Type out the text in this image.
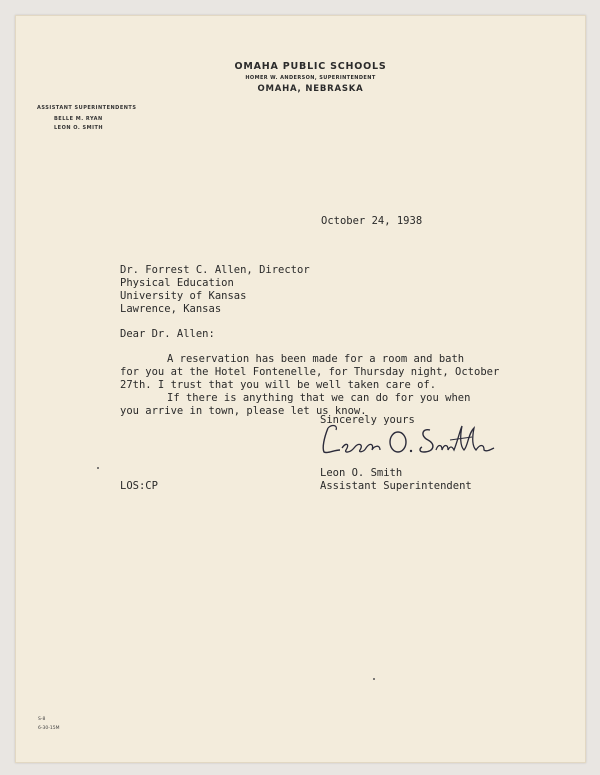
OMAHA PUBLIC SCHOOLS
HOMER W. ANDERSON, SUPERINTENDENT
OMAHA, NEBRASKA
ASSISTANT SUPERINTENDENTS
BELLE M. RYAN
LEON O. SMITH
October 24, 1938
Dr. Forrest C. Allen, Director
Physical Education
University of Kansas
Lawrence, Kansas
Dear Dr. Allen:
A reservation has been made for a room and bath
for you at the Hotel Fontenelle, for Thursday night, October
27th. I trust that you will be well taken care of.
If there is anything that we can do for you when
you arrive in town, please let us know.
Sincerely yours
Leon O. Smith
Assistant Superintendent
LOS:CP
S-8
6-30-15M
